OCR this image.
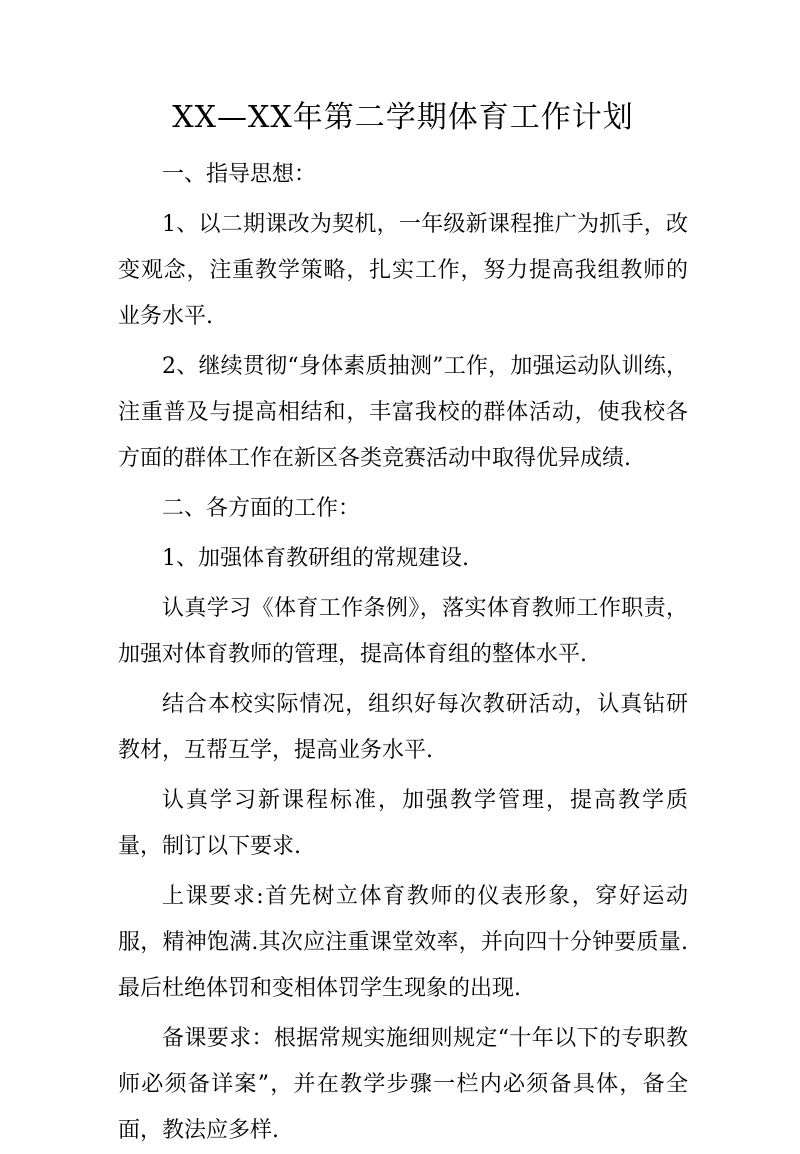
XX—XX年第二学期体育工作计划

一、指导思想：

1、以二期课改为契机，一年级新课程推广为抓手，改变观念，注重教学策略，扎实工作，努力提高我组教师的业务水平.

2、继续贯彻“身体素质抽测”工作，加强运动队训练，注重普及与提高相结和，丰富我校的群体活动，使我校各方面的群体工作在新区各类竞赛活动中取得优异成绩.

二、各方面的工作：

1、加强体育教研组的常规建设.

认真学习《体育工作条例》，落实体育教师工作职责，加强对体育教师的管理，提高体育组的整体水平.

结合本校实际情况，组织好每次教研活动，认真钻研教材，互帮互学，提高业务水平.

认真学习新课程标准，加强教学管理，提高教学质量，制订以下要求.

上课要求:首先树立体育教师的仪表形象，穿好运动服，精神饱满.其次应注重课堂效率，并向四十分钟要质量.最后杜绝体罚和变相体罚学生现象的出现.

备课要求：根据常规实施细则规定“十年以下的专职教师必须备详案”，并在教学步骤一栏内必须备具体，备全面，教法应多样.
